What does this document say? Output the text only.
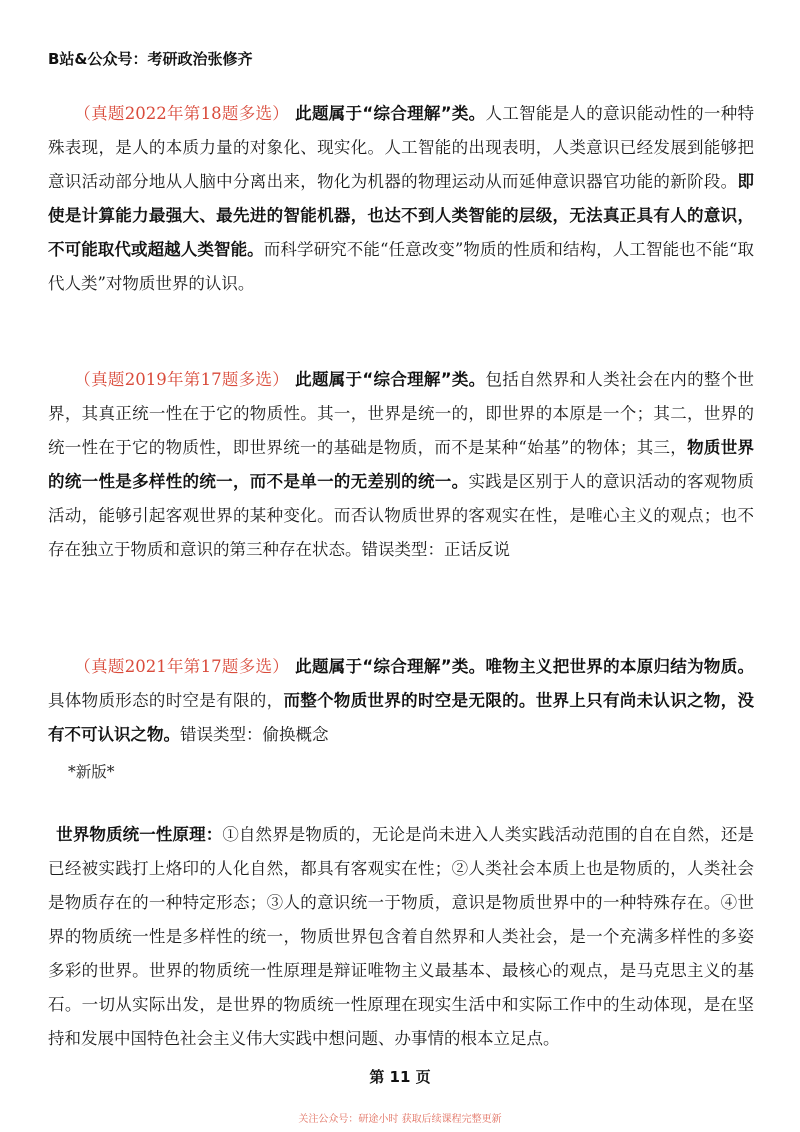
B站&公众号：考研政治张修齐
（真题2022年第18题多选） 此题属于“综合理解”类。人工智能是人的意识能动性的一种特殊表现，是人的本质力量的对象化、现实化。人工智能的出现表明，人类意识已经发展到能够把意识活动部分地从人脑中分离出来，物化为机器的物理运动从而延伸意识器官功能的新阶段。即使是计算能力最强大、最先进的智能机器，也达不到人类智能的层级，无法真正具有人的意识，不可能取代或超越人类智能。而科学研究不能“任意改变”物质的性质和结构，人工智能也不能“取代人类”对物质世界的认识。
（真题2019年第17题多选） 此题属于“综合理解”类。包括自然界和人类社会在内的整个世界，其真正统一性在于它的物质性。其一，世界是统一的，即世界的本原是一个；其二，世界的统一性在于它的物质性，即世界统一的基础是物质，而不是某种“始基”的物体；其三，物质世界的统一性是多样性的统一，而不是单一的无差别的统一。实践是区别于人的意识活动的客观物质活动，能够引起客观世界的某种变化。而否认物质世界的客观实在性，是唯心主义的观点；也不存在独立于物质和意识的第三种存在状态。错误类型：正话反说
（真题2021年第17题多选） 此题属于“综合理解”类。唯物主义把世界的本原归结为物质。具体物质形态的时空是有限的，而整个物质世界的时空是无限的。世界上只有尚未认识之物，没有不可认识之物。错误类型：偷换概念
*新版*
世界物质统一性原理：①自然界是物质的，无论是尚未进入人类实践活动范围的自在自然，还是已经被实践打上烙印的人化自然，都具有客观实在性；②人类社会本质上也是物质的，人类社会是物质存在的一种特定形态；③人的意识统一于物质，意识是物质世界中的一种特殊存在。④世界的物质统一性是多样性的统一，物质世界包含着自然界和人类社会，是一个充满多样性的多姿多彩的世界。世界的物质统一性原理是辩证唯物主义最基本、最核心的观点，是马克思主义的基石。一切从实际出发，是世界的物质统一性原理在现实生活中和实际工作中的生动体现，是在坚持和发展中国特色社会主义伟大实践中想问题、办事情的根本立足点。
第 11 页
关注公众号：研途小时 获取后续课程完整更新
